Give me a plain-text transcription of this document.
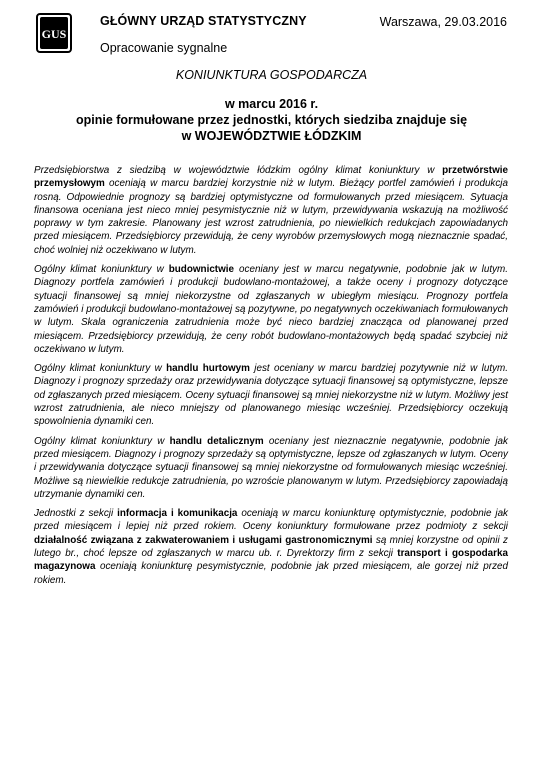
GUS
GŁÓWNY URZĄD STATYSTYCZNY	Warszawa, 29.03.2016
Opracowanie sygnalne
KONIUNKTURA GOSPODARCZA
w marcu 2016 r.
opinie formułowane przez jednostki, których siedziba znajduje się
w WOJEWÓDZTWIE ŁÓDZKIM

Przedsiębiorstwa z siedzibą w województwie łódzkim ogólny klimat koniunktury w przetwórstwie przemysłowym oceniają w marcu bardziej korzystnie niż w lutym. Bieżący portfel zamówień i produkcja rosną. Odpowiednie prognozy są bardziej optymistyczne od formułowanych przed miesiącem. Sytuacja finansowa oceniana jest nieco mniej pesymistycznie niż w lutym, przewidywania wskazują na możliwość poprawy w tym zakresie. Planowany jest wzrost zatrudnienia, po niewielkich redukcjach zapowiadanych przed miesiącem. Przedsiębiorcy przewidują, że ceny wyrobów przemysłowych mogą nieznacznie spadać, choć wolniej niż oczekiwano w lutym.

Ogólny klimat koniunktury w budownictwie oceniany jest w marcu negatywnie, podobnie jak w lutym. Diagnozy portfela zamówień i produkcji budowlano-montażowej, a także oceny i prognozy dotyczące sytuacji finansowej są mniej niekorzystne od zgłaszanych w ubiegłym miesiącu. Prognozy portfela zamówień i produkcji budowlano-montażowej są pozytywne, po negatywnych oczekiwaniach formułowanych w lutym. Skala ograniczenia zatrudnienia może być nieco bardziej znacząca od planowanej przed miesiącem. Przedsiębiorcy przewidują, że ceny robót budowlano-montażowych będą spadać szybciej niż oczekiwano w lutym.

Ogólny klimat koniunktury w handlu hurtowym jest oceniany w marcu bardziej pozytywnie niż w lutym. Diagnozy i prognozy sprzedaży oraz przewidywania dotyczące sytuacji finansowej są optymistyczne, lepsze od zgłaszanych przed miesiącem. Oceny sytuacji finansowej są mniej niekorzystne niż w lutym. Możliwy jest wzrost zatrudnienia, ale nieco mniejszy od planowanego miesiąc wcześniej. Przedsiębiorcy oczekują spowolnienia dynamiki cen.

Ogólny klimat koniunktury w handlu detalicznym oceniany jest nieznacznie negatywnie, podobnie jak przed miesiącem. Diagnozy i prognozy sprzedaży są optymistyczne, lepsze od zgłaszanych w lutym. Oceny i przewidywania dotyczące sytuacji finansowej są mniej niekorzystne od formułowanych miesiąc wcześniej. Możliwe są niewielkie redukcje zatrudnienia, po wzroście planowanym w lutym. Przedsiębiorcy zapowiadają utrzymanie dynamiki cen.

Jednostki z sekcji informacja i komunikacja oceniają w marcu koniunkturę optymistycznie, podobnie jak przed miesiącem i lepiej niż przed rokiem. Oceny koniunktury formułowane przez podmioty z sekcji działalność związana z zakwaterowaniem i usługami gastronomicznymi są mniej korzystne od opinii z lutego br., choć lepsze od zgłaszanych w marcu ub. r. Dyrektorzy firm z sekcji transport i gospodarka magazynowa oceniają koniunkturę pesymistycznie, podobnie jak przed miesiącem, ale gorzej niż przed rokiem.
